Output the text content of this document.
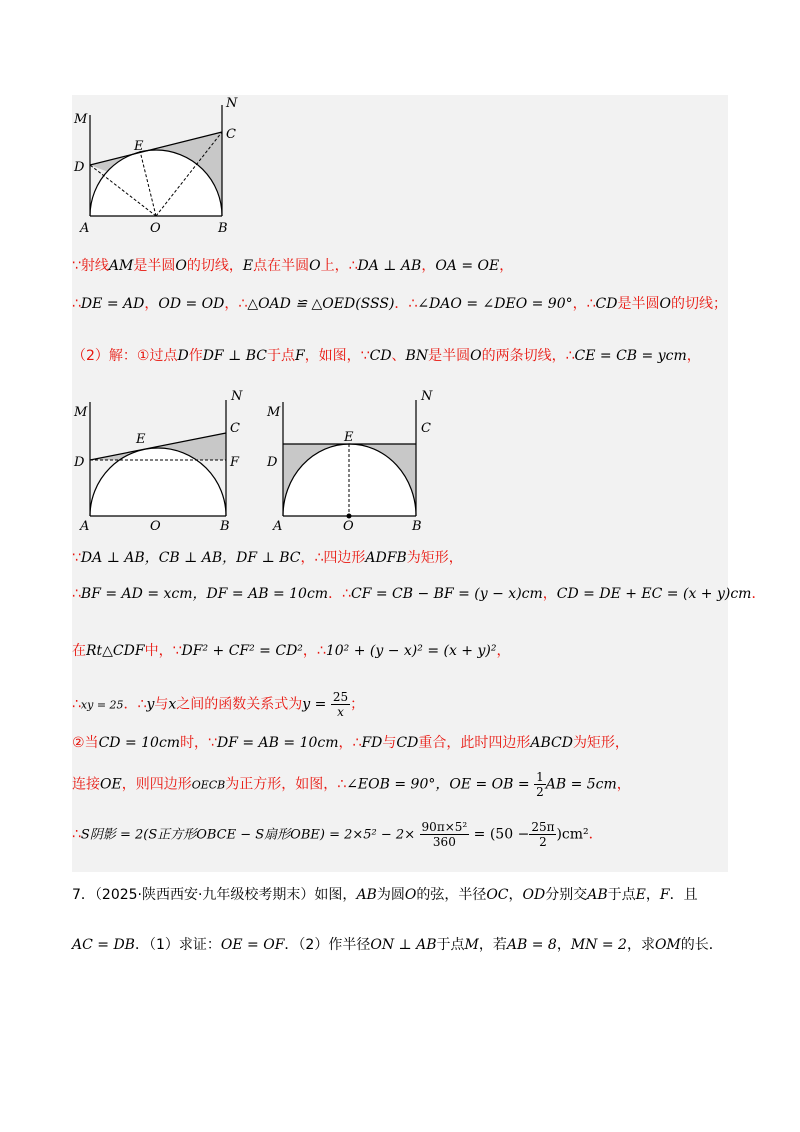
M
N
E
C
D
A	O	B
∵射线AM是半圆O的切线，E点在半圆O上，∴DA ⊥ AB，OA = OE，
∴DE = AD，OD = OD，∴△OAD ≌ △OED(SSS)．∴∠DAO = ∠DEO = 90°，∴CD是半圆O的切线；
（2）解：①过点D作DF ⊥ BC于点F，如图，∵CD、BN是半圆O的两条切线，∴CE = CB = ycm，
M
N
E
C
D	F
A	O	B
M
N
E
C
D
A	O	B
∵DA ⊥ AB，CB ⊥ AB，DF ⊥ BC，∴四边形ADFB为矩形，
∴BF = AD = xcm，DF = AB = 10cm．∴CF = CB − BF = (y − x)cm，CD = DE + EC = (x + y)cm．
在Rt△CDF中，∵DF² + CF² = CD²，∴10² + (y − x)² = (x + y)²，
∴xy = 25．∴y与x之间的函数关系式为$y = \frac{25}{x}$ ；
②当CD = 10cm时，∵DF = AB = 10cm，∴FD与CD重合，此时四边形ABCD为矩形，
连接OE，则四边形OECB为正方形，如图，∴∠EOB = 90°，OE = OB = $\frac{1}{2}$ AB = 5cm，
∴S阴影 = 2(S正方形OBCE − S扇形$OBE) = 2\times 5^2 - 2\times \frac{\text{90π×5²}}{360} = (50 - \frac{25\pi}{2} )cm^2$．
7．（2025·陕西西安·九年级校考期末）如图，AB为圆O的弦，半径OC，OD分别交AB于点E，F．且
AC = DB．（1）求证：OE = OF．（2）作半径ON ⊥ AB于点M，若AB = 8，MN = 2，求OM的长．
